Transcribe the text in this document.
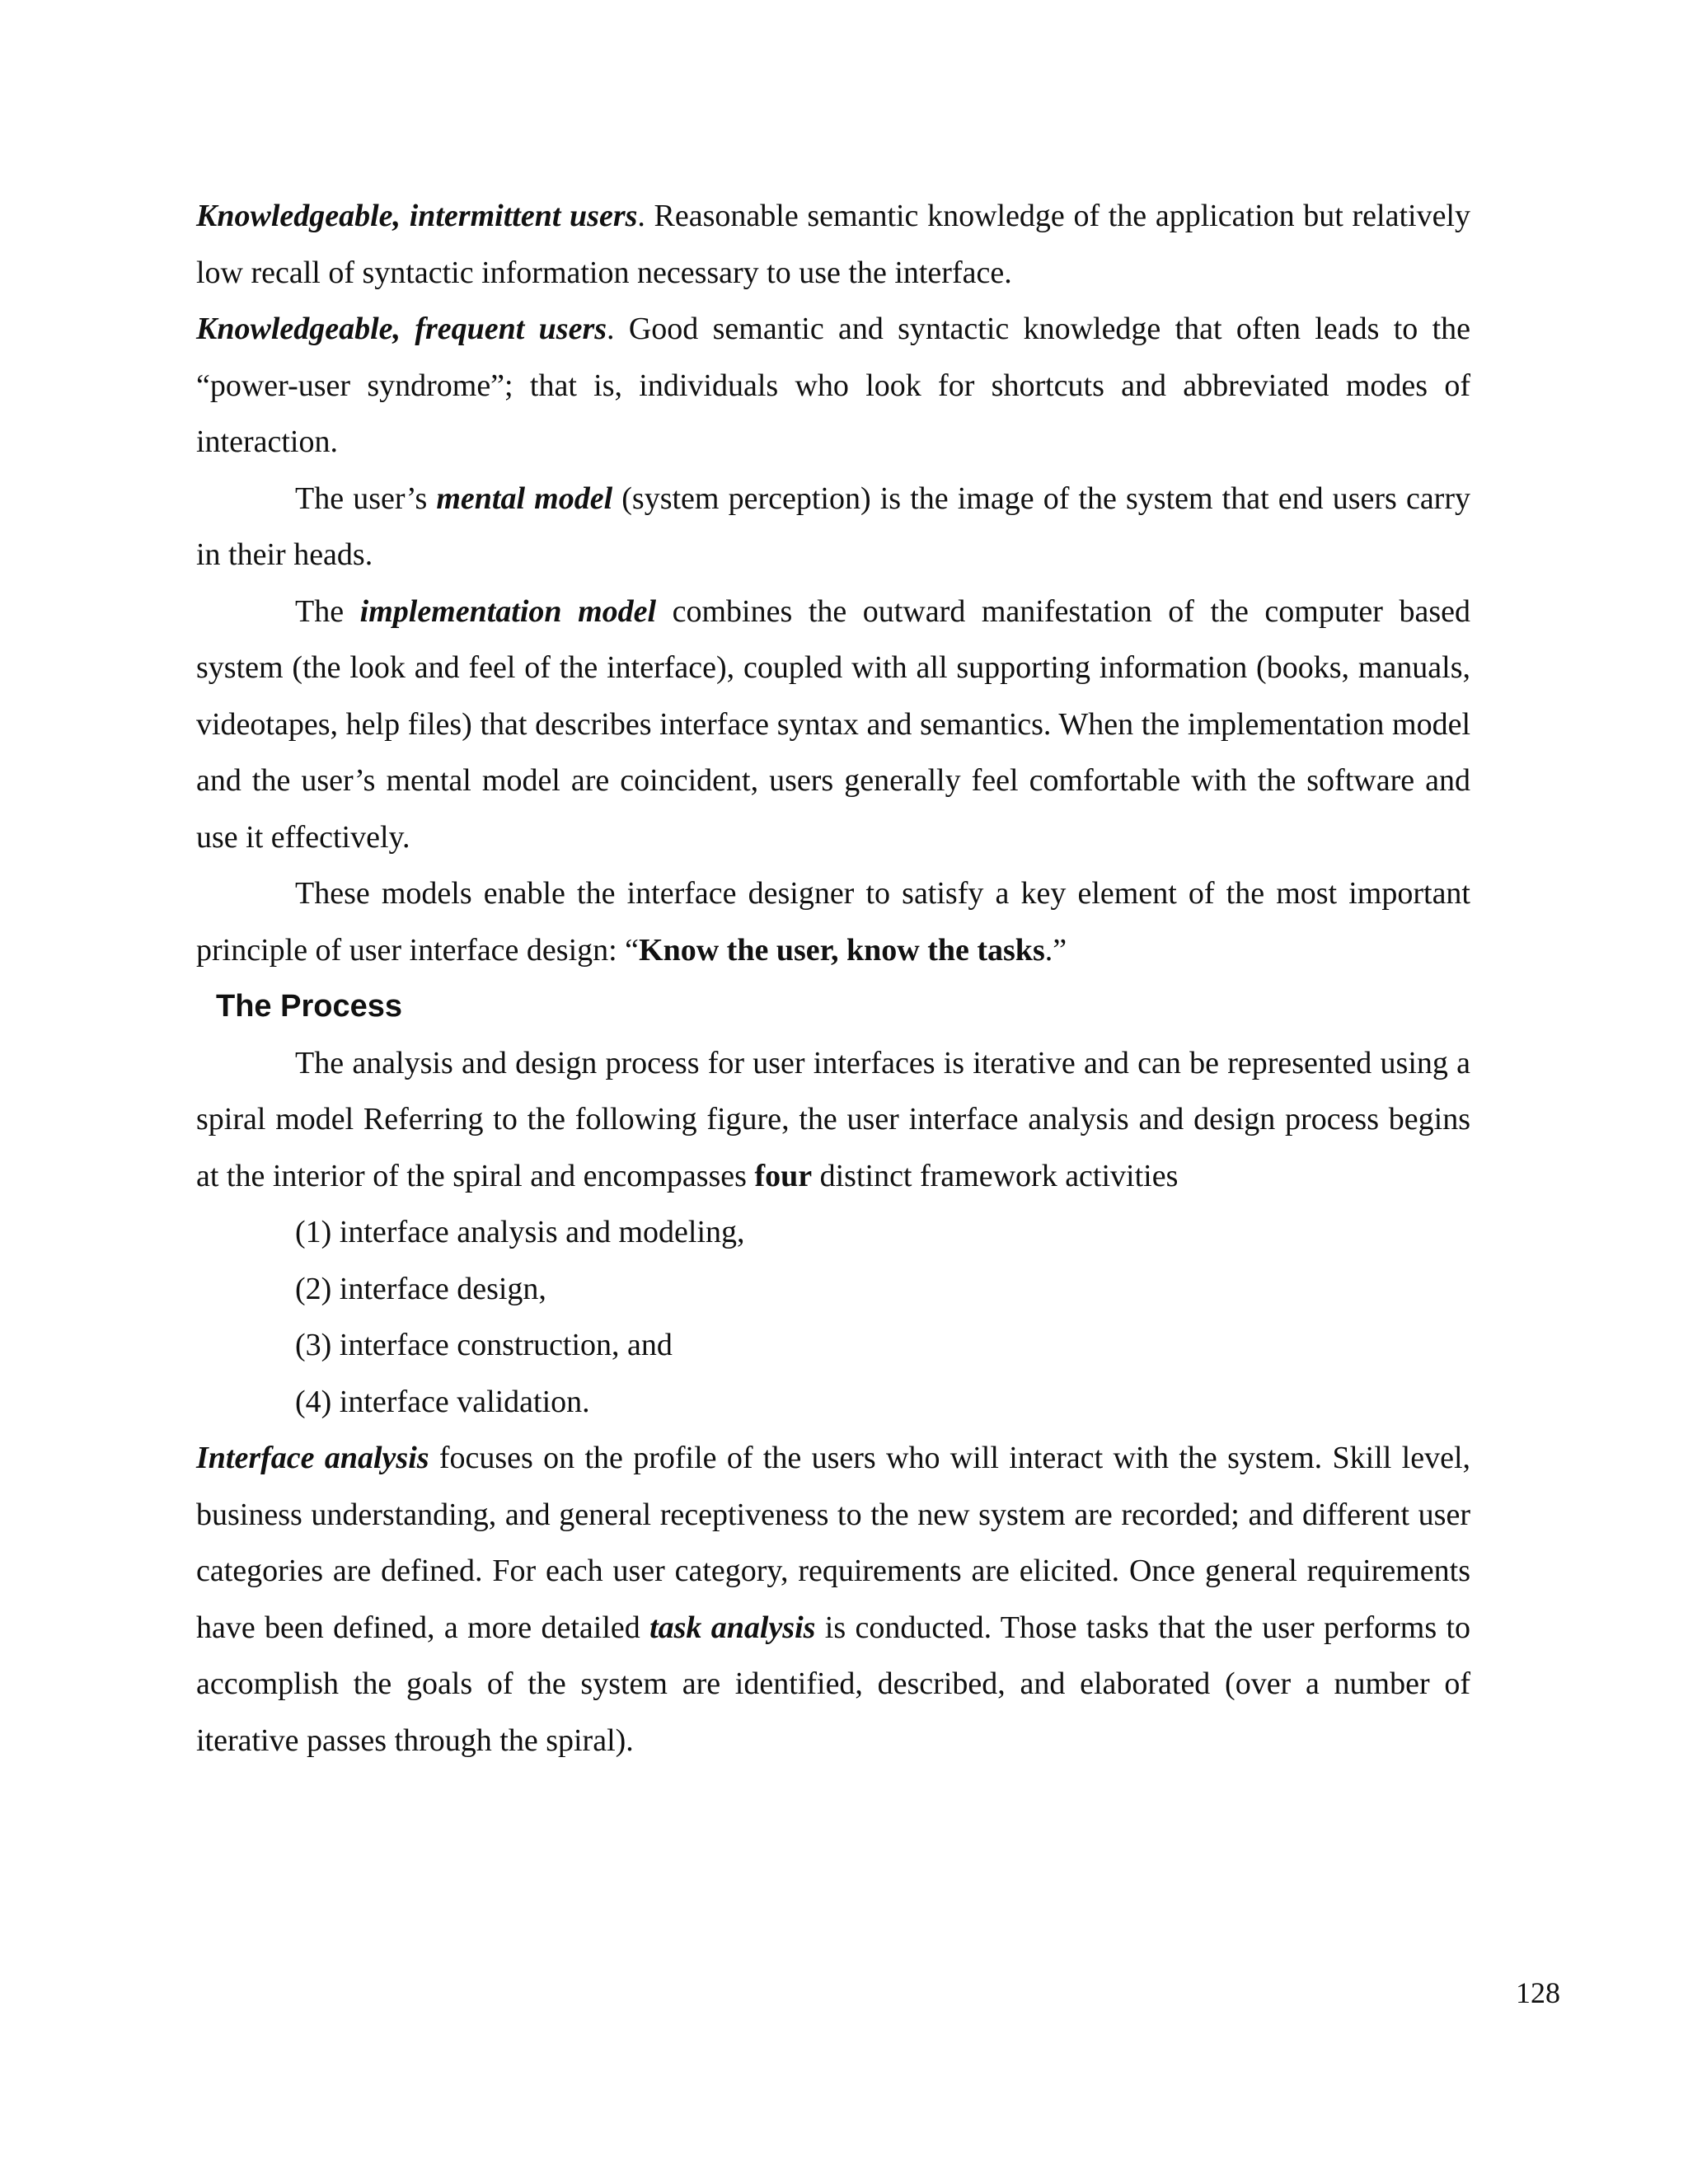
Knowledgeable, intermittent users. Reasonable semantic knowledge of the application but relatively low recall of syntactic information necessary to use the interface.

Knowledgeable, frequent users. Good semantic and syntactic knowledge that often leads to the “power-user syndrome”; that is, individuals who look for shortcuts and abbreviated modes of interaction.

The user’s mental model (system perception) is the image of the system that end users carry in their heads.

The implementation model combines the outward manifestation of the computer based system (the look and feel of the interface), coupled with all supporting information (books, manuals, videotapes, help files) that describes interface syntax and semantics. When the implementation model and the user’s mental model are coincident, users generally feel comfortable with the software and use it effectively.

These models enable the interface designer to satisfy a key element of the most important principle of user interface design: “Know the user, know the tasks.”

The Process

The analysis and design process for user interfaces is iterative and can be represented using a spiral model Referring to the following figure, the user interface analysis and design process begins at the interior of the spiral and encompasses four distinct framework activities

(1) interface analysis and modeling,
(2) interface design,
(3) interface construction, and
(4) interface validation.

Interface analysis focuses on the profile of the users who will interact with the system. Skill level, business understanding, and general receptiveness to the new system are recorded; and different user categories are defined. For each user category, requirements are elicited. Once general requirements have been defined, a more detailed task analysis is conducted. Those tasks that the user performs to accomplish the goals of the system are identified, described, and elaborated (over a number of iterative passes through the spiral).

128
